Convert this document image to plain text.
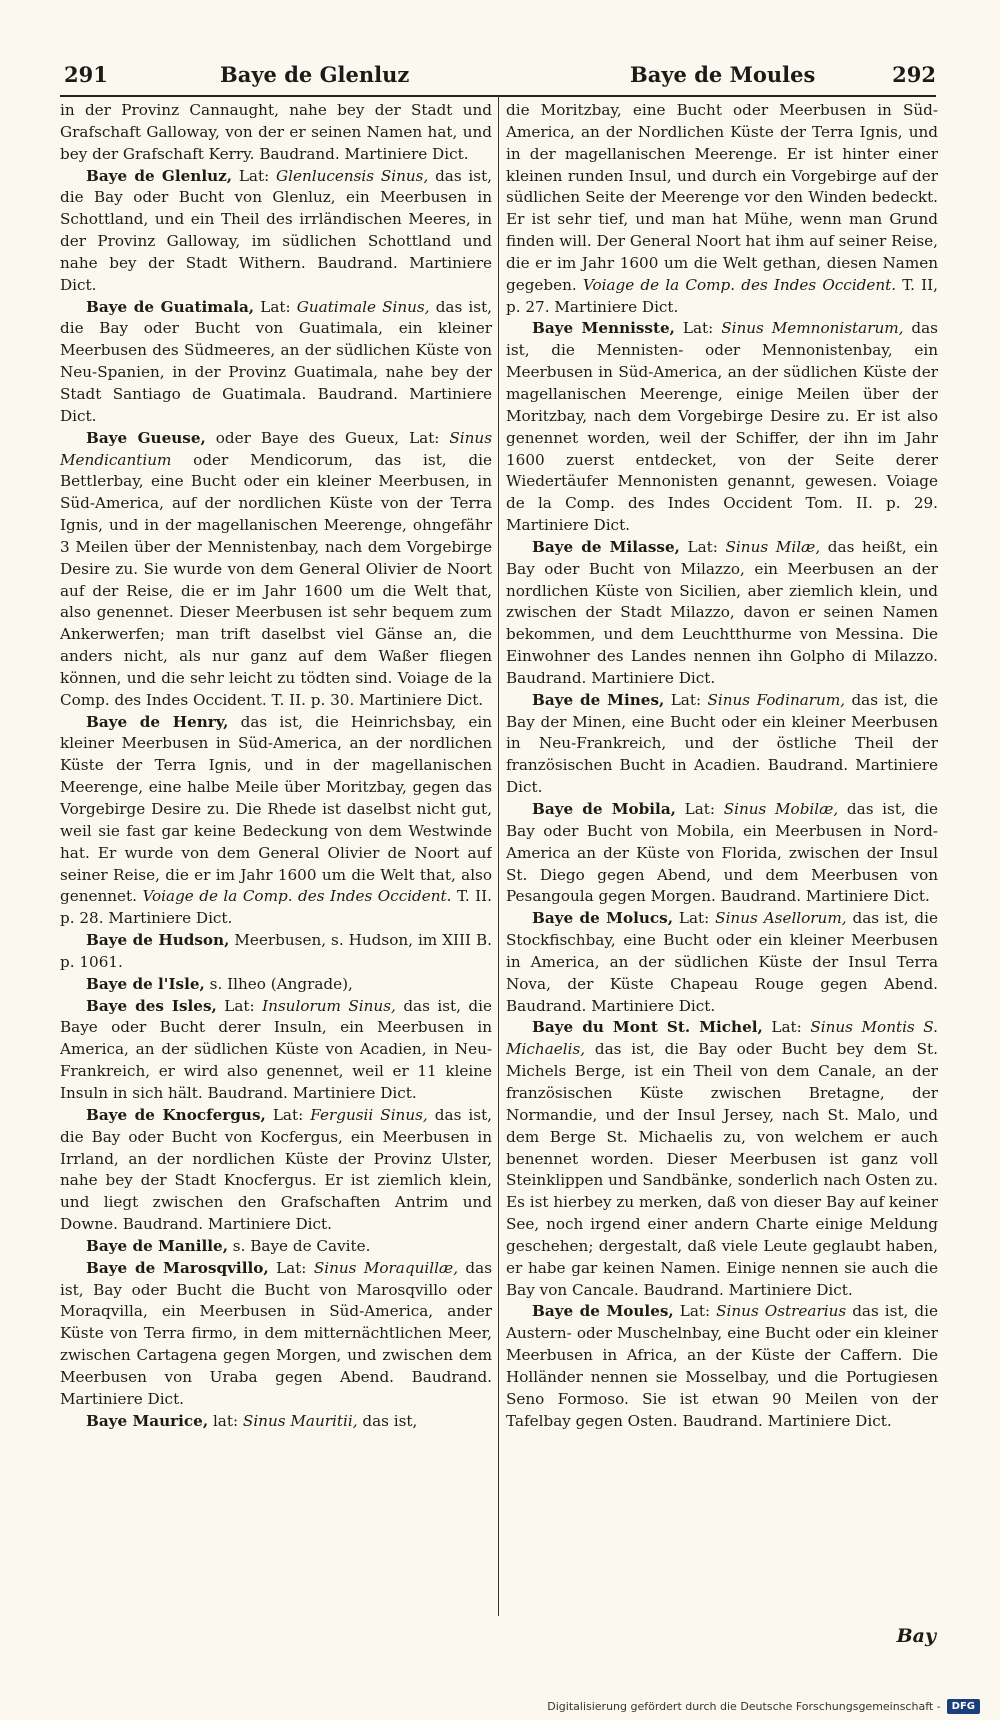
291	Baye de Glenluz	Baye de Moules	292

in der Provinz Cannaught, nahe bey der Stadt und Grafschaft Galloway, von der er seinen Namen hat, und bey der Grafschaft Kerry. Baudrand. Martiniere Dict.

Baye de Glenluz, Lat: Glenlucensis Sinus, das ist, die Bay oder Bucht von Glenluz, ein Meerbusen in Schottland, und ein Theil des irrländischen Meeres, in der Provinz Galloway, im südlichen Schottland und nahe bey der Stadt Withern. Baudrand. Martiniere Dict.

Baye de Guatimala, Lat: Guatimale Sinus, das ist, die Bay oder Bucht von Guatimala, ein kleiner Meerbusen des Südmeeres, an der südlichen Küste von Neu-Spanien, in der Provinz Guatimala, nahe bey der Stadt Santiago de Guatimala. Baudrand. Martiniere Dict.

Baye Gueuse, oder Baye des Gueux, Lat: Sinus Mendicantium oder Mendicorum, das ist, die Bettlerbay, eine Bucht oder ein kleiner Meerbusen, in Süd-America, auf der nordlichen Küste von der Terra Ignis, und in der magellanischen Meerenge, ohngefähr 3 Meilen über der Mennistenbay, nach dem Vorgebirge Desire zu. Sie wurde von dem General Olivier de Noort auf der Reise, die er im Jahr 1600 um die Welt that, also genennet. Dieser Meerbusen ist sehr bequem zum Ankerwerfen; man trift daselbst viel Gänse an, die anders nicht, als nur ganz auf dem Waßer fliegen können, und die sehr leicht zu tödten sind. Voiage de la Comp. des Indes Occident. T. II. p. 30. Martiniere Dict.

Baye de Henry, das ist, die Heinrichsbay, ein kleiner Meerbusen in Süd-America, an der nordlichen Küste der Terra Ignis, und in der magellanischen Meerenge, eine halbe Meile über Moritzbay, gegen das Vorgebirge Desire zu. Die Rhede ist daselbst nicht gut, weil sie fast gar keine Bedeckung von dem Westwinde hat. Er wurde von dem General Olivier de Noort auf seiner Reise, die er im Jahr 1600 um die Welt that, also genennet. Voiage de la Comp. des Indes Occident. T. II. p. 28. Martiniere Dict.

Baye de Hudson, Meerbusen, s. Hudson, im XIII B. p. 1061.

Baye de l'Isle, s. Ilheo (Angrade),

Baye des Isles, Lat: Insulorum Sinus, das ist, die Baye oder Bucht derer Insuln, ein Meerbusen in America, an der südlichen Küste von Acadien, in Neu-Frankreich, er wird also genennet, weil er 11 kleine Insuln in sich hält. Baudrand. Martiniere Dict.

Baye de Knocfergus, Lat: Fergusii Sinus, das ist, die Bay oder Bucht von Kocfergus, ein Meerbusen in Irrland, an der nordlichen Küste der Provinz Ulster, nahe bey der Stadt Knocfergus. Er ist ziemlich klein, und liegt zwischen den Grafschaften Antrim und Downe. Baudrand. Martiniere Dict.

Baye de Manille, s. Baye de Cavite.

Baye de Marosqvillo, Lat: Sinus Moraquillæ, das ist, Bay oder Bucht die Bucht von Marosqvillo oder Moraqvilla, ein Meerbusen in Süd-America, ander Küste von Terra firmo, in dem mitternächtlichen Meer, zwischen Cartagena gegen Morgen, und zwischen dem Meerbusen von Uraba gegen Abend. Baudrand. Martiniere Dict.

Baye Maurice, lat: Sinus Mauritii, das ist,

die Moritzbay, eine Bucht oder Meerbusen in Süd-America, an der Nordlichen Küste der Terra Ignis, und in der magellanischen Meerenge. Er ist hinter einer kleinen runden Insul, und durch ein Vorgebirge auf der südlichen Seite der Meerenge vor den Winden bedeckt. Er ist sehr tief, und man hat Mühe, wenn man Grund finden will. Der General Noort hat ihm auf seiner Reise, die er im Jahr 1600 um die Welt gethan, diesen Namen gegeben. Voiage de la Comp. des Indes Occident. T. II, p. 27. Martiniere Dict.

Baye Mennisste, Lat: Sinus Memnonistarum, das ist, die Mennisten- oder Mennonistenbay, ein Meerbusen in Süd-America, an der südlichen Küste der magellanischen Meerenge, einige Meilen über der Moritzbay, nach dem Vorgebirge Desire zu. Er ist also genennet worden, weil der Schiffer, der ihn im Jahr 1600 zuerst entdecket, von der Seite derer Wiedertäufer Mennonisten genannt, gewesen. Voiage de la Comp. des Indes Occident Tom. II. p. 29. Martiniere Dict.

Baye de Milasse, Lat: Sinus Milæ, das heißt, ein Bay oder Bucht von Milazzo, ein Meerbusen an der nordlichen Küste von Sicilien, aber ziemlich klein, und zwischen der Stadt Milazzo, davon er seinen Namen bekommen, und dem Leuchtthurme von Messina. Die Einwohner des Landes nennen ihn Golpho di Milazzo. Baudrand. Martiniere Dict.

Baye de Mines, Lat: Sinus Fodinarum, das ist, die Bay der Minen, eine Bucht oder ein kleiner Meerbusen in Neu-Frankreich, und der östliche Theil der französischen Bucht in Acadien. Baudrand. Martiniere Dict.

Baye de Mobila, Lat: Sinus Mobilæ, das ist, die Bay oder Bucht von Mobila, ein Meerbusen in Nord-America an der Küste von Florida, zwischen der Insul St. Diego gegen Abend, und dem Meerbusen von Pesangoula gegen Morgen. Baudrand. Martiniere Dict.

Baye de Molucs, Lat: Sinus Asellorum, das ist, die Stockfischbay, eine Bucht oder ein kleiner Meerbusen in America, an der südlichen Küste der Insul Terra Nova, der Küste Chapeau Rouge gegen Abend. Baudrand. Martiniere Dict.

Baye du Mont St. Michel, Lat: Sinus Montis S. Michaelis, das ist, die Bay oder Bucht bey dem St. Michels Berge, ist ein Theil von dem Canale, an der französischen Küste zwischen Bretagne, der Normandie, und der Insul Jersey, nach St. Malo, und dem Berge St. Michaelis zu, von welchem er auch benennet worden. Dieser Meerbusen ist ganz voll Steinklippen und Sandbänke, sonderlich nach Osten zu. Es ist hierbey zu merken, daß von dieser Bay auf keiner See, noch irgend einer andern Charte einige Meldung geschehen; dergestalt, daß viele Leute geglaubt haben, er habe gar keinen Namen. Einige nennen sie auch die Bay von Cancale. Baudrand. Martiniere Dict.

Baye de Moules, Lat: Sinus Ostrearius das ist, die Austern- oder Muschelnbay, eine Bucht oder ein kleiner Meerbusen in Africa, an der Küste der Caffern. Die Holländer nennen sie Mosselbay, und die Portugiesen Seno Formoso. Sie ist etwan 90 Meilen von der Tafelbay gegen Osten. Baudrand. Martiniere Dict.

Bay
Digitalisierung gefördert durch die Deutsche Forschungsgemeinschaft -	DFG
